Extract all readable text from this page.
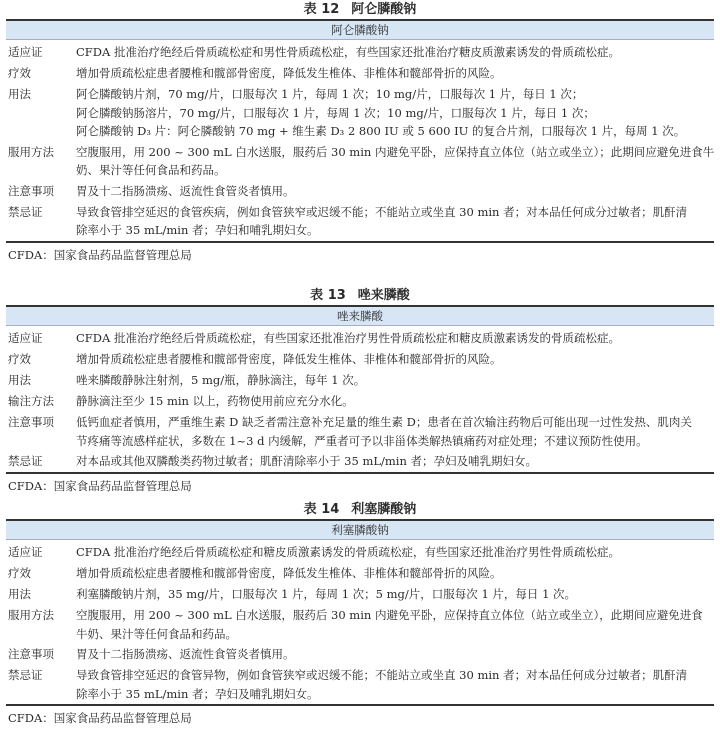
表 12 阿仑膦酸钠
阿仑膦酸钠
适应证	CFDA 批准治疗绝经后骨质疏松症和男性骨质疏松症，有些国家还批准治疗糖皮质激素诱发的骨质疏松症。
疗效	增加骨质疏松症患者腰椎和髋部骨密度，降低发生椎体、非椎体和髋部骨折的风险。
用法	阿仑膦酸钠片剂，70 mg/片，口服每次 1 片，每周 1 次；10 mg/片，口服每次 1 片，每日 1 次；
阿仑膦酸钠肠溶片，70 mg/片，口服每次 1 片，每周 1 次；10 mg/片，口服每次 1 片，每日 1 次；
阿仑膦酸钠 D₃ 片：阿仑膦酸钠 70 mg + 维生素 D₃ 2 800 IU 或 5 600 IU 的复合片剂，口服每次 1 片，每周 1 次。
服用方法	空腹服用，用 200 ~ 300 mL 白水送服，服药后 30 min 内避免平卧，应保持直立体位（站立或坐立）；此期间应避免进食牛
奶、果汁等任何食品和药品。
注意事项	胃及十二指肠溃疡、返流性食管炎者慎用。
禁忌证	导致食管排空延迟的食管疾病，例如食管狭窄或迟缓不能；不能站立或坐直 30 min 者；对本品任何成分过敏者；肌酐清
除率小于 35 mL/min 者；孕妇和哺乳期妇女。
CFDA：国家食品药品监督管理总局
表 13 唑来膦酸
唑来膦酸
适应证	CFDA 批准治疗绝经后骨质疏松症，有些国家还批准治疗男性骨质疏松症和糖皮质激素诱发的骨质疏松症。
疗效	增加骨质疏松症患者腰椎和髋部骨密度，降低发生椎体、非椎体和髋部骨折的风险。
用法	唑来膦酸静脉注射剂，5 mg/瓶，静脉滴注，每年 1 次。
输注方法	静脉滴注至少 15 min 以上，药物使用前应充分水化。
注意事项	低钙血症者慎用，严重维生素 D 缺乏者需注意补充足量的维生素 D；患者在首次输注药物后可能出现一过性发热、肌肉关
节疼痛等流感样症状，多数在 1~3 d 内缓解，严重者可予以非甾体类解热镇痛药对症处理；不建议预防性使用。
禁忌证	对本品或其他双膦酸类药物过敏者；肌酐清除率小于 35 mL/min 者；孕妇及哺乳期妇女。
CFDA：国家食品药品监督管理总局
表 14 利塞膦酸钠
利塞膦酸钠
适应证	CFDA 批准治疗绝经后骨质疏松症和糖皮质激素诱发的骨质疏松症，有些国家还批准治疗男性骨质疏松症。
疗效	增加骨质疏松症患者腰椎和髋部骨密度，降低发生椎体、非椎体和髋部骨折的风险。
用法	利塞膦酸钠片剂，35 mg/片，口服每次 1 片，每周 1 次；5 mg/片，口服每次 1 片，每日 1 次。
服用方法	空腹服用，用 200 ~ 300 mL 白水送服，服药后 30 min 内避免平卧，应保持直立体位（站立或坐立），此期间应避免进食
牛奶、果汁等任何食品和药品。
注意事项	胃及十二指肠溃疡、返流性食管炎者慎用。
禁忌证	导致食管排空延迟的食管异物，例如食管狭窄或迟缓不能；不能站立或坐直 30 min 者；对本品任何成分过敏者；肌酐清
除率小于 35 mL/min 者；孕妇及哺乳期妇女。
CFDA：国家食品药品监督管理总局
